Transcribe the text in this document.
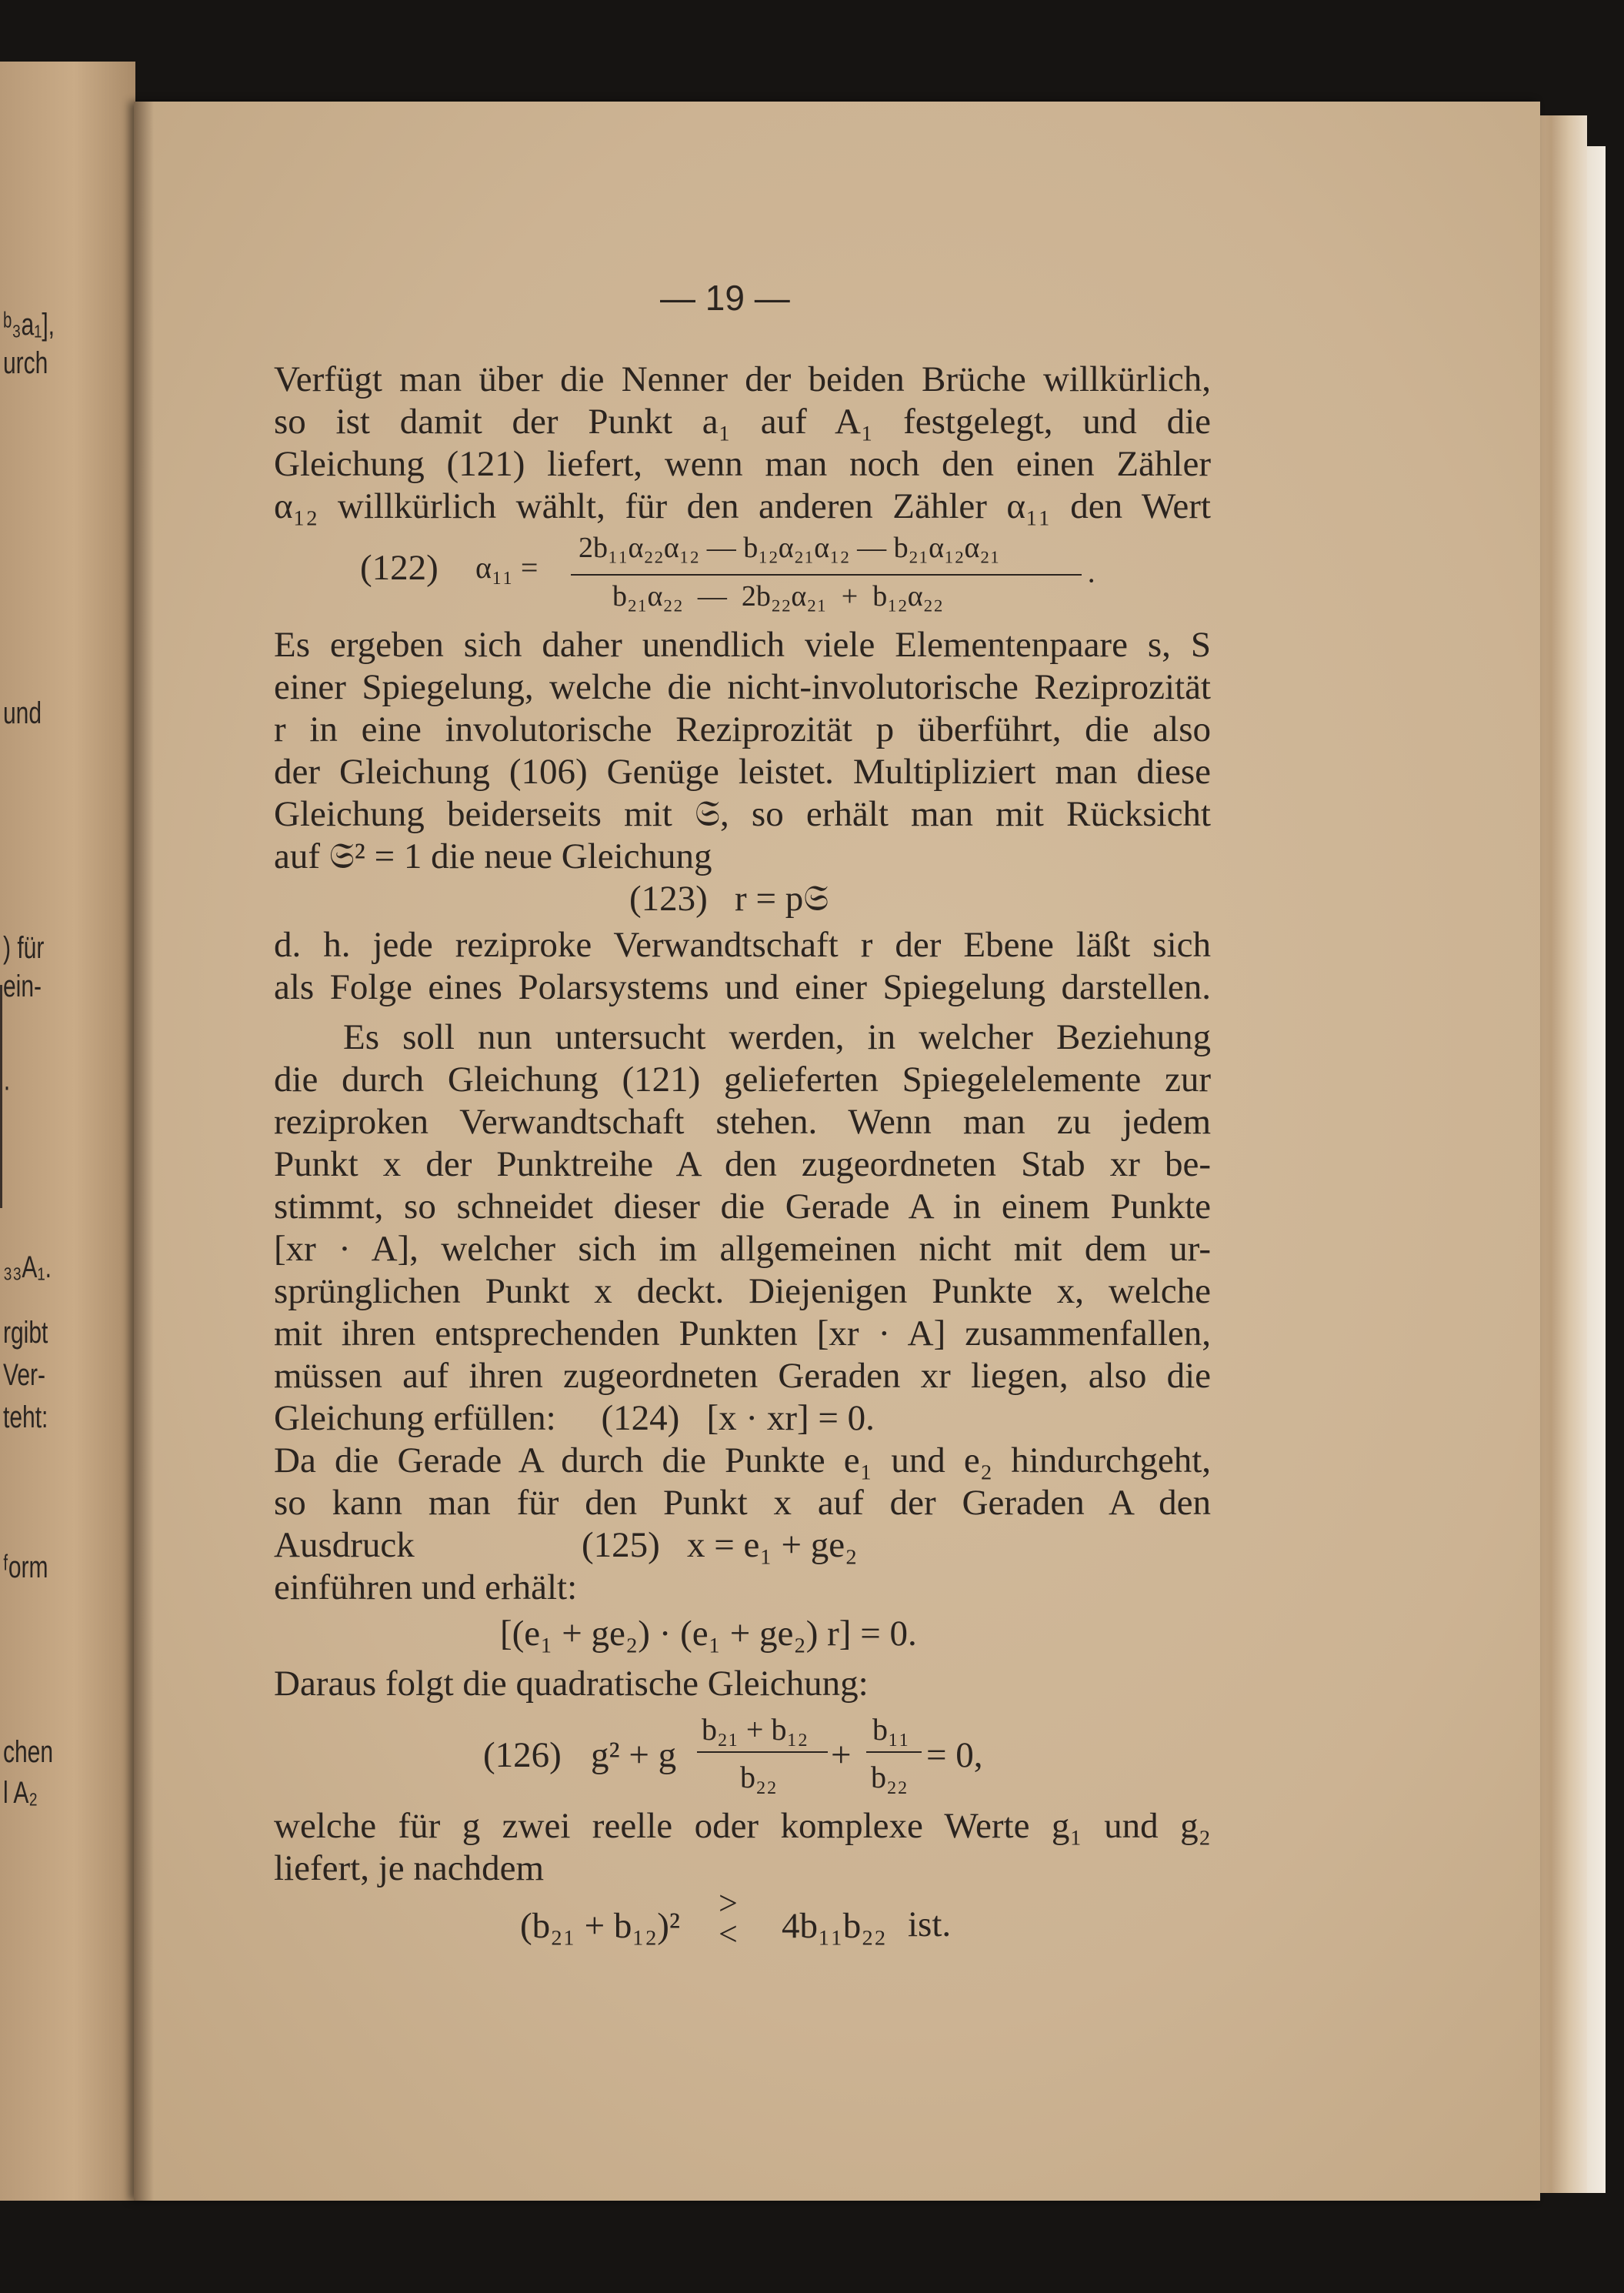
ᵇ₃a₁],
urch
und
) für
ein-
·
₃₃A₁.
rgibt
Ver-
teht:
ᶠorm
chen
l A₂
— 19 —
Verfügt man über die Nenner der beiden Brüche willkürlich,
so ist damit der Punkt a₁ auf A₁ festgelegt, und die
Gleichung (121) liefert, wenn man noch den einen Zähler
α₁₂ willkürlich wählt, für den anderen Zähler α₁₁ den Wert
(122) α₁₁ =
2b₁₁α₂₂α₁₂ — b₁₂α₂₁α₁₂ — b₂₁α₁₂α₂₁
b₂₁α₂₂  —  2b₂₂α₂₁  +  b₁₂α₂₂	·
Es ergeben sich daher unendlich viele Elementenpaare s, S
einer Spiegelung, welche die nicht-involutorische Reziprozität
r in eine involutorische Reziprozität p überführt, die also
der Gleichung (106) Genüge leistet. Multipliziert man diese
Gleichung beiderseits mit 𝔖, so erhält man mit Rücksicht
auf 𝔖² = 1 die neue Gleichung
(123)   r = p𝔖
d. h. jede reziproke Verwandtschaft r der Ebene läßt sich
als Folge eines Polarsystems und einer Spiegelung darstellen.
Es soll nun untersucht werden, in welcher Beziehung
die durch Gleichung (121) gelieferten Spiegelelemente zur
reziproken Verwandtschaft stehen. Wenn man zu jedem
Punkt x der Punktreihe A den zugeordneten Stab xr be-
stimmt, so schneidet dieser die Gerade A in einem Punkte
[xr · A], welcher sich im allgemeinen nicht mit dem ur-
sprünglichen Punkt x deckt. Diejenigen Punkte x, welche
mit ihren entsprechenden Punkten [xr · A] zusammenfallen,
müssen auf ihren zugeordneten Geraden xr liegen, also die
Gleichung erfüllen:     (124)   [x · xr] = 0.
Da die Gerade A durch die Punkte e₁ und e₂ hindurchgeht,
so kann man für den Punkt x auf der Geraden A den
Ausdruck	(125)   x = e₁ + ge₂
einführen und erhält:
[(e₁ + ge₂) · (e₁ + ge₂) r] = 0.
Daraus folgt die quadratische Gleichung:
(126) g² + g
b₂₁ + b₁₂
b₂₂
+
b₁₁
b₂₂
= 0,
welche für g zwei reelle oder komplexe Werte g₁ und g₂
liefert, je nachdem
(b₂₁ + b₁₂)²
>
< 4b₁₁b₂₂ ist.
